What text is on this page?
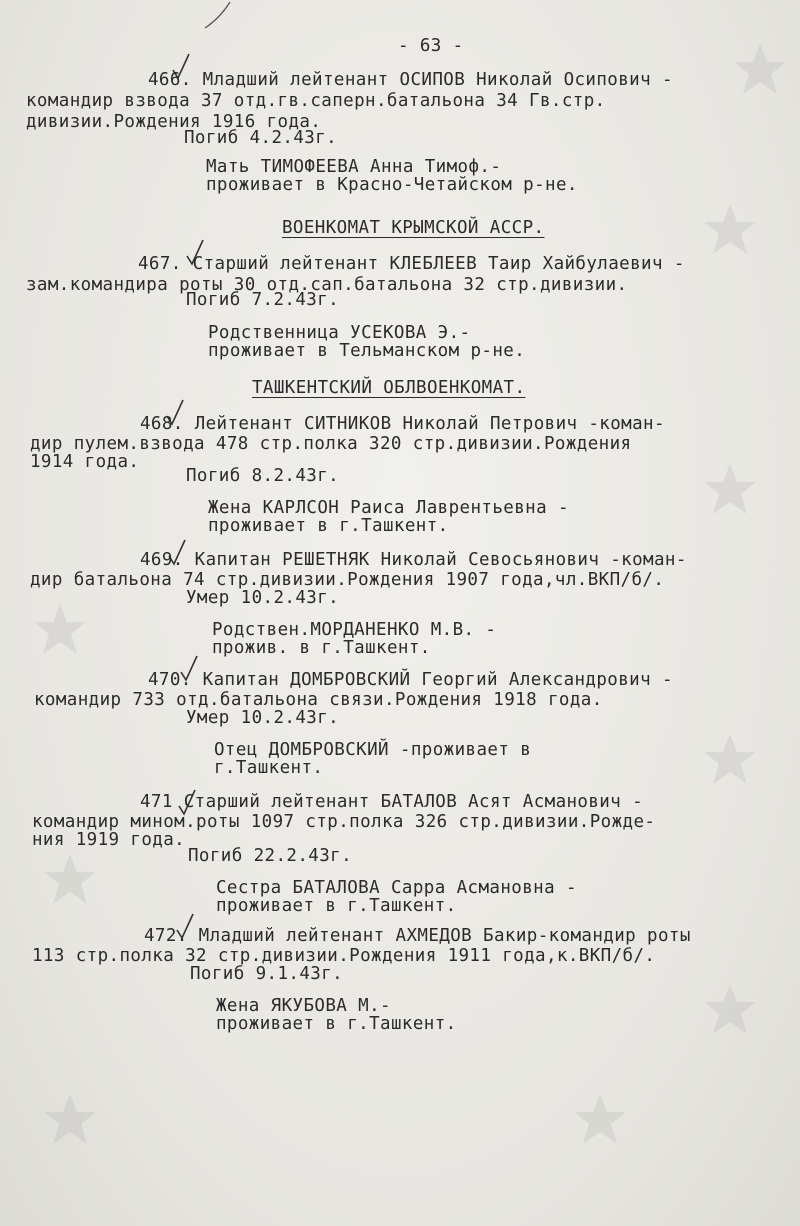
- 63 -
466. Младший лейтенант ОСИПОВ Николай Осипович -
командир взвода 37 отд.гв.саперн.батальона 34 Гв.стр.
дивизии.Рождения 1916 года.
Погиб 4.2.43г.
Мать ТИМОФЕЕВА Анна Тимоф.-
проживает в Красно-Четайском р-не.
ВОЕНКОМАТ КРЫМСКОЙ АССР.
467. Старший лейтенант КЛЕБЛЕЕВ Таир Хайбулаевич -
зам.командира роты 30 отд.сап.батальона 32 стр.дивизии.
Погиб 7.2.43г.
Родственница УСЕКОВА Э.-
проживает в Тельманском р-не.
ТАШКЕНТСКИЙ ОБЛВОЕНКОМАТ.
468. Лейтенант СИТНИКОВ Николай Петрович -коман-
дир пулем.взвода 478 стр.полка 320 стр.дивизии.Рождения
1914 года.
Погиб 8.2.43г.
Жена КАРЛСОН Раиса Лаврентьевна -
проживает в г.Ташкент.
469. Капитан РЕШЕТНЯК Николай Севосьянович -коман-
дир батальона 74 стр.дивизии.Рождения 1907 года,чл.ВКП/б/.
Умер 10.2.43г.
Родствен.МОРДАНЕНКО М.В. -
прожив. в г.Ташкент.
470. Капитан ДОМБРОВСКИЙ Георгий Александрович -
командир 733 отд.батальона связи.Рождения 1918 года.
Умер 10.2.43г.
Отец ДОМБРОВСКИЙ -проживает в
г.Ташкент.
471 Старший лейтенант БАТАЛОВ Асят Асманович -
командир мином.роты 1097 стр.полка 326 стр.дивизии.Рожде-
ния 1919 года.
Погиб 22.2.43г.
Сестра БАТАЛОВА Сарра Асмановна -
проживает в г.Ташкент.
472. Младший лейтенант АХМЕДОВ Бакир-командир роты
113 стр.полка 32 стр.дивизии.Рождения 1911 года,к.ВКП/б/.
Погиб 9.1.43г.
Жена ЯКУБОВА М.-
проживает в г.Ташкент.
